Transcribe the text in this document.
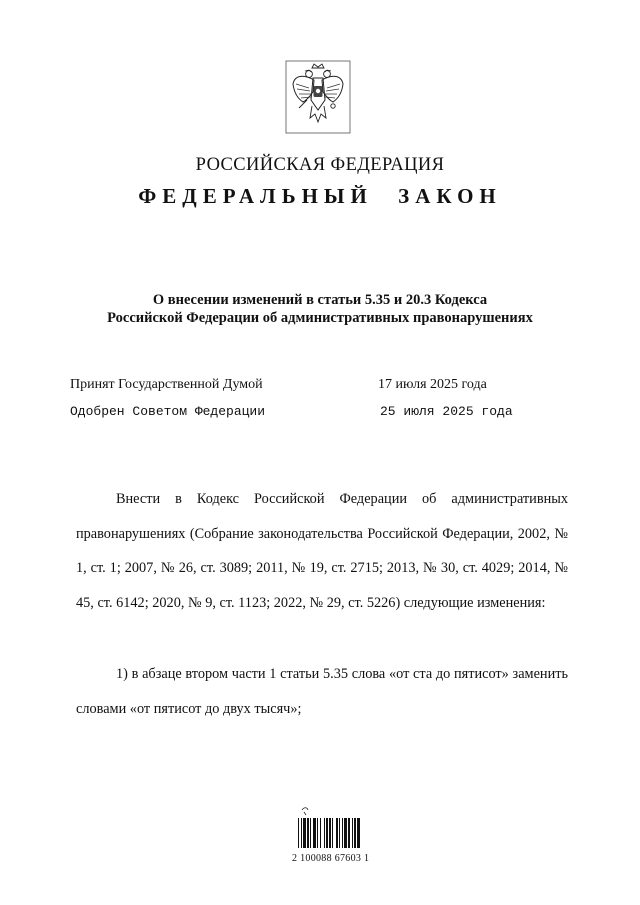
РОССИЙСКАЯ ФЕДЕРАЦИЯ
ФЕДЕРАЛЬНЫЙ ЗАКОН
О внесении изменений в статьи 5.35 и 20.3 Кодекса
Российской Федерации об административных правонарушениях
Принят Государственной Думой	17 июля 2025 года
Одобрен Советом Федерации	25 июля 2025 года

Внести в Кодекс Российской Федерации об административных правонарушениях (Собрание законодательства Российской Федерации, 2002, № 1, ст. 1; 2007, № 26, ст. 3089; 2011, № 19, ст. 2715; 2013, № 30, ст. 4029; 2014, № 45, ст. 6142; 2020, № 9, ст. 1123; 2022, № 29, ст. 5226) следующие изменения:

1) в абзаце втором части 1 статьи 5.35 слова «от ста до пятисот» заменить словами «от пятисот до двух тысяч»;

2 100088 67603 1
